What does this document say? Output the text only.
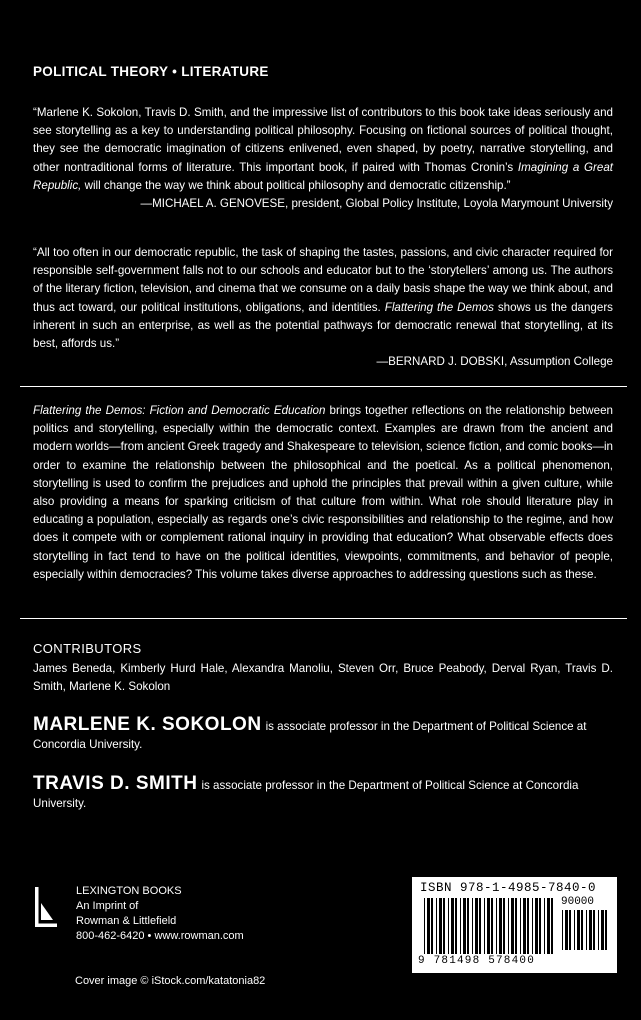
POLITICAL THEORY • LITERATURE
“Marlene K. Sokolon, Travis D. Smith, and the impressive list of contributors to this book take ideas seriously and see storytelling as a key to understanding political philosophy. Focusing on fictional sources of political thought, they see the democratic imagination of citizens enlivened, even shaped, by poetry, narrative storytelling, and other nontraditional forms of literature. This important book, if paired with Thomas Cronin’s Imagining a Great Republic, will change the way we think about political philosophy and democratic citizenship.”
—MICHAEL A. GENOVESE, president, Global Policy Institute, Loyola Marymount University
“All too often in our democratic republic, the task of shaping the tastes, passions, and civic character required for responsible self-government falls not to our schools and educator but to the ‘storytellers’ among us. The authors of the literary fiction, television, and cinema that we consume on a daily basis shape the way we think about, and thus act toward, our political institutions, obligations, and identities. Flattering the Demos shows us the dangers inherent in such an enterprise, as well as the potential pathways for democratic renewal that storytelling, at its best, affords us.”
—BERNARD J. DOBSKI, Assumption College
Flattering the Demos: Fiction and Democratic Education brings together reflections on the relationship between politics and storytelling, especially within the democratic context. Examples are drawn from the ancient and modern worlds—from ancient Greek tragedy and Shakespeare to television, science fiction, and comic books—in order to examine the relationship between the philosophical and the poetical. As a political phenomenon, storytelling is used to confirm the prejudices and uphold the principles that prevail within a given culture, while also providing a means for sparking criticism of that culture from within. What role should literature play in educating a population, especially as regards one’s civic responsibilities and relationship to the regime, and how does it compete with or complement rational inquiry in providing that education? What observable effects does storytelling in fact tend to have on the political identities, viewpoints, commitments, and behavior of people, especially within democracies? This volume takes diverse approaches to addressing questions such as these.
CONTRIBUTORS
James Beneda, Kimberly Hurd Hale, Alexandra Manoliu, Steven Orr, Bruce Peabody, Derval Ryan, Travis D. Smith, Marlene K. Sokolon
MARLENE K. SOKOLON is associate professor in the Department of Political Science at Concordia University.
TRAVIS D. SMITH is associate professor in the Department of Political Science at Concordia University.
LEXINGTON BOOKS
An Imprint of
Rowman & Littlefield
800-462-6420 • www.rowman.com
ISBN 978-1-4985-7840-0
90000
9 781498 578400
Cover image © iStock.com/katatonia82
